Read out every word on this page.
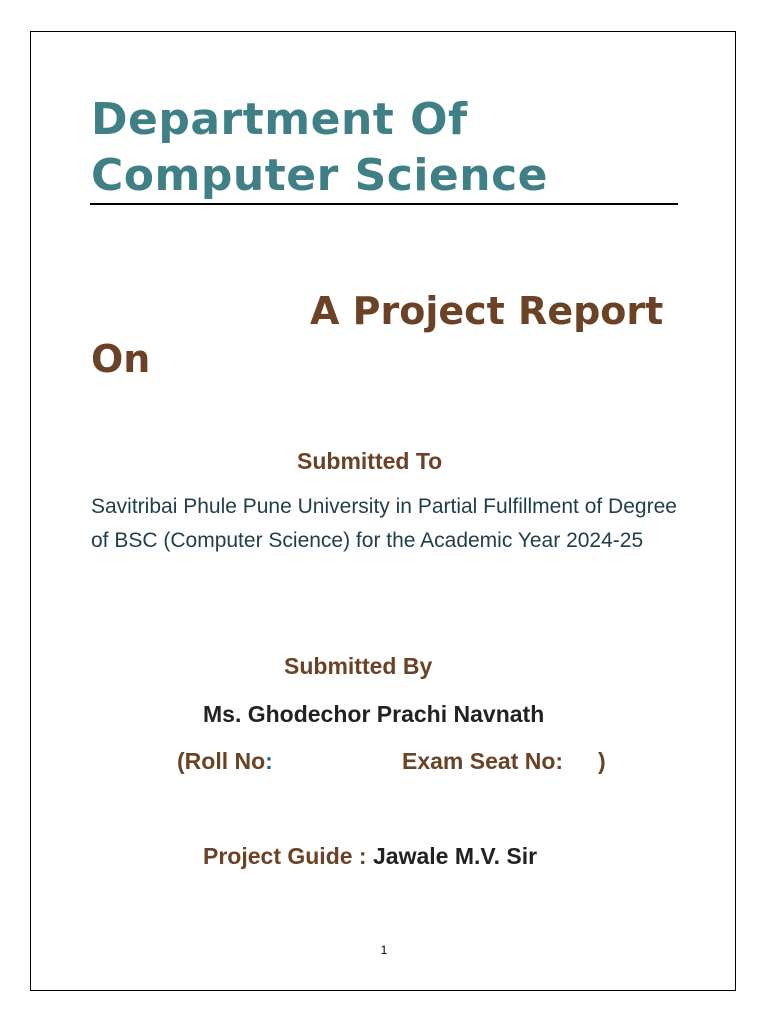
Department Of
Computer Science
A Project Report
On
Submitted To
Savitribai Phule Pune University in Partial Fulfillment of Degree of BSC (Computer Science) for the Academic Year 2024-25
Submitted By
Ms. Ghodechor Prachi Navnath
(Roll No:	Exam Seat No: )
Project Guide : Jawale M.V. Sir
1
